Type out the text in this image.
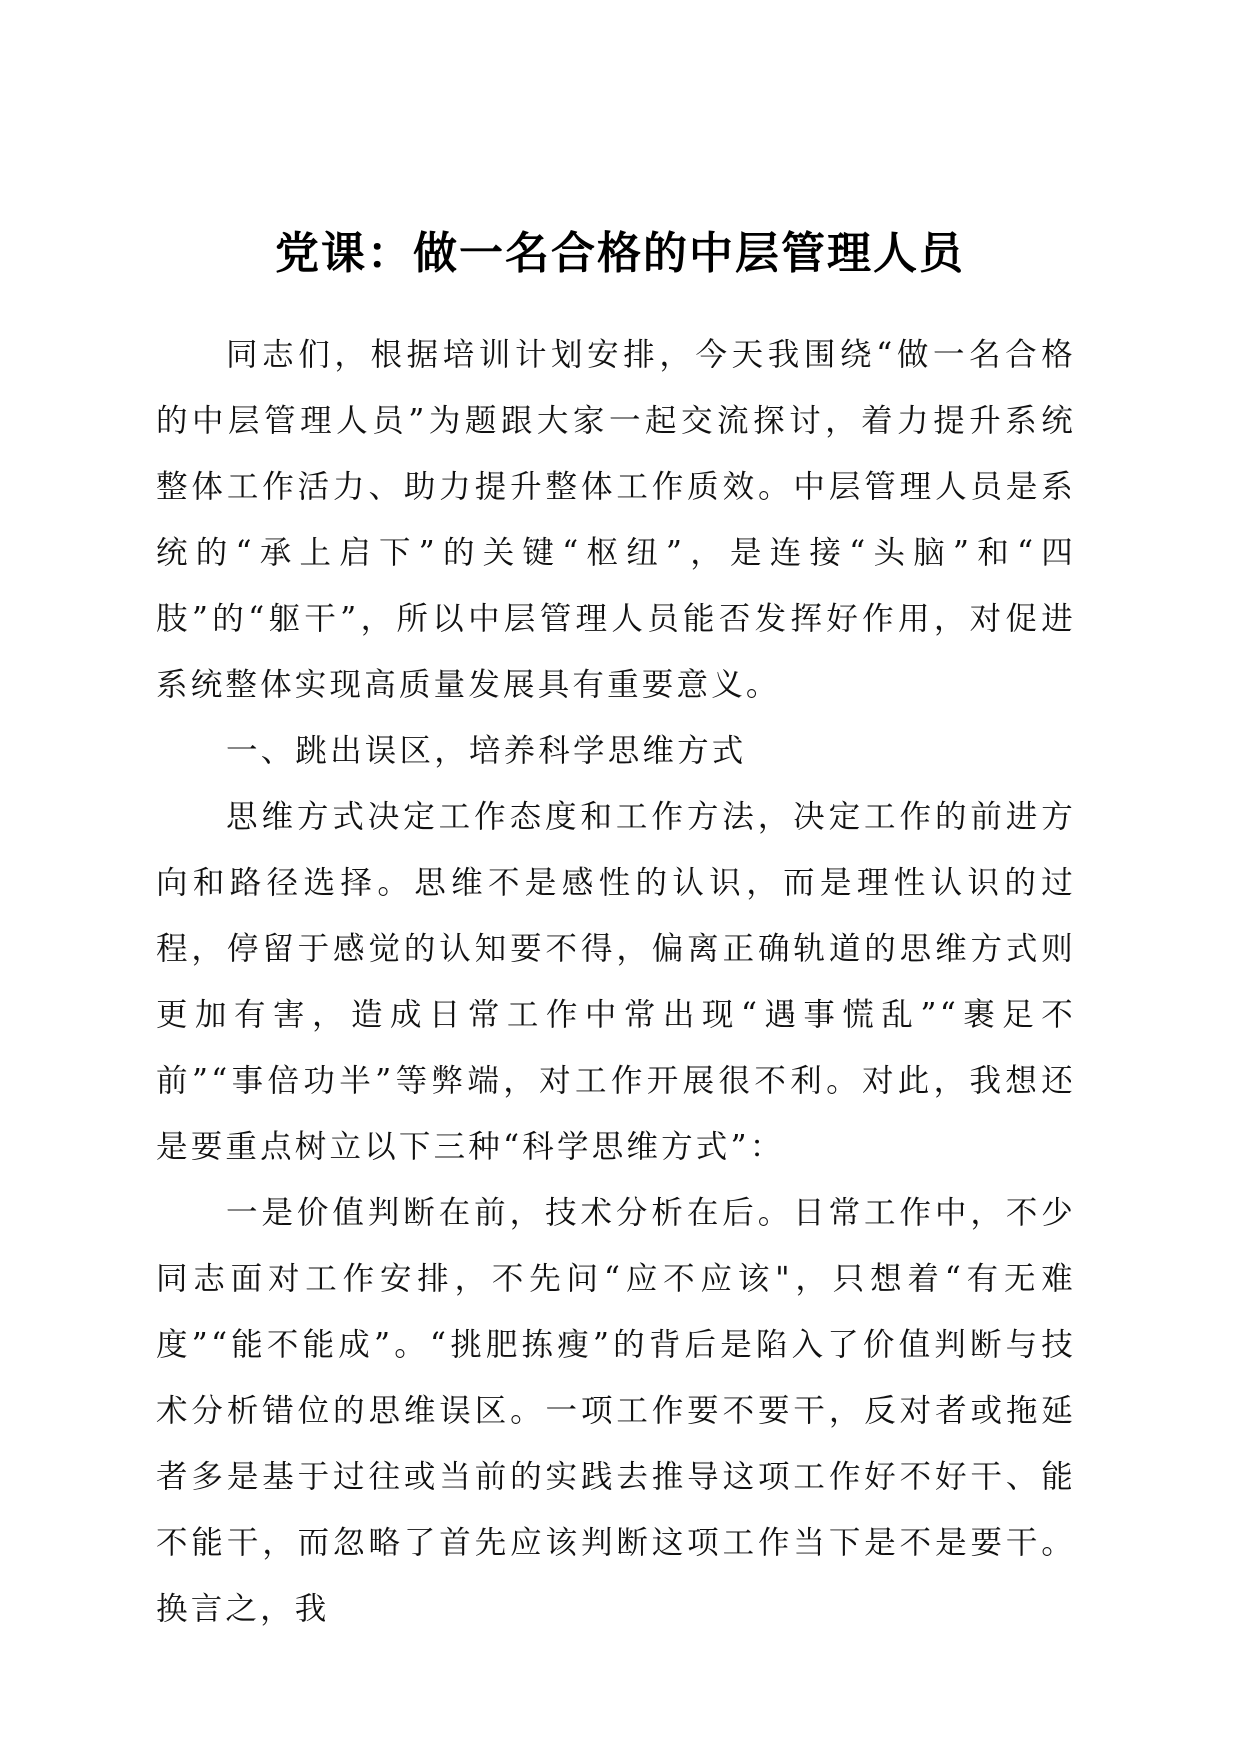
党课：做一名合格的中层管理人员

同志们，根据培训计划安排，今天我围绕“做一名合格的中层管理人员”为题跟大家一起交流探讨，着力提升系统整体工作活力、助力提升整体工作质效。中层管理人员是系统的“承上启下”的关键“枢纽”，是连接“头脑”和“四肢”的“躯干”，所以中层管理人员能否发挥好作用，对促进系统整体实现高质量发展具有重要意义。

一、跳出误区，培养科学思维方式

思维方式决定工作态度和工作方法，决定工作的前进方向和路径选择。思维不是感性的认识，而是理性认识的过程，停留于感觉的认知要不得，偏离正确轨道的思维方式则更加有害，造成日常工作中常出现“遇事慌乱”“裹足不前”“事倍功半”等弊端，对工作开展很不利。对此，我想还是要重点树立以下三种“科学思维方式”：

一是价值判断在前，技术分析在后。日常工作中，不少同志面对工作安排，不先问“应不应该"，只想着“有无难度”“能不能成”。“挑肥拣瘦”的背后是陷入了价值判断与技术分析错位的思维误区。一项工作要不要干，反对者或拖延者多是基于过往或当前的实践去推导这项工作好不好干、能不能干，而忽略了首先应该判断这项工作当下是不是要干。换言之，我
